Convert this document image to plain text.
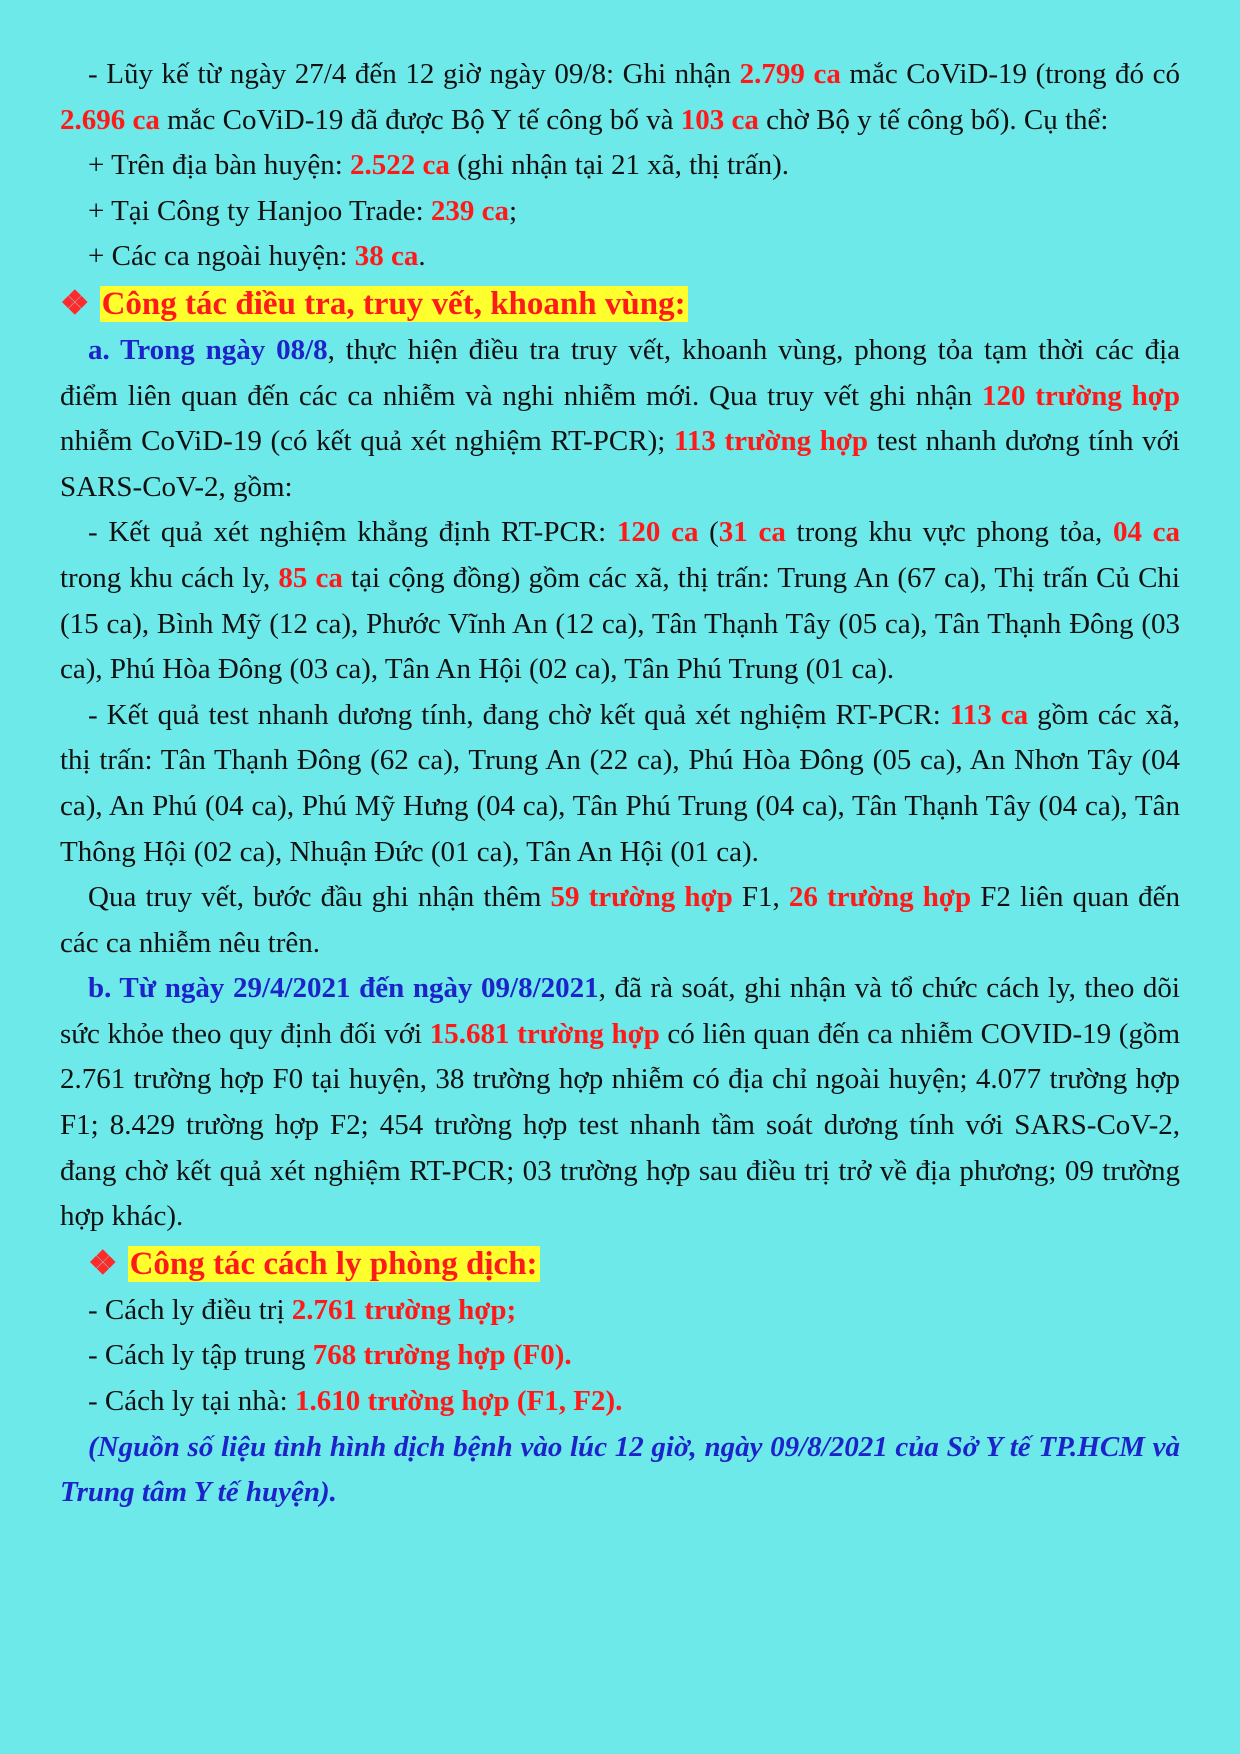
- Lũy kế từ ngày 27/4 đến 12 giờ ngày 09/8: Ghi nhận 2.799 ca mắc CoViD-19 (trong đó có 2.696 ca mắc CoViD-19 đã được Bộ Y tế công bố và 103 ca chờ Bộ y tế công bố). Cụ thể:

+ Trên địa bàn huyện: 2.522 ca (ghi nhận tại 21 xã, thị trấn).

+ Tại Công ty Hanjoo Trade: 239 ca;

+ Các ca ngoài huyện: 38 ca.

❖ Công tác điều tra, truy vết, khoanh vùng:

a. Trong ngày 08/8, thực hiện điều tra truy vết, khoanh vùng, phong tỏa tạm thời các địa điểm liên quan đến các ca nhiễm và nghi nhiễm mới. Qua truy vết ghi nhận 120 trường hợp nhiễm CoViD-19 (có kết quả xét nghiệm RT-PCR); 113 trường hợp test nhanh dương tính với SARS-CoV-2, gồm:

- Kết quả xét nghiệm khẳng định RT-PCR: 120 ca (31 ca trong khu vực phong tỏa, 04 ca trong khu cách ly, 85 ca tại cộng đồng) gồm các xã, thị trấn: Trung An (67 ca), Thị trấn Củ Chi (15 ca), Bình Mỹ (12 ca), Phước Vĩnh An (12 ca), Tân Thạnh Tây (05 ca), Tân Thạnh Đông (03 ca), Phú Hòa Đông (03 ca), Tân An Hội (02 ca), Tân Phú Trung (01 ca).

- Kết quả test nhanh dương tính, đang chờ kết quả xét nghiệm RT-PCR: 113 ca gồm các xã, thị trấn: Tân Thạnh Đông (62 ca), Trung An (22 ca), Phú Hòa Đông (05 ca), An Nhơn Tây (04 ca), An Phú (04 ca), Phú Mỹ Hưng (04 ca), Tân Phú Trung (04 ca), Tân Thạnh Tây (04 ca), Tân Thông Hội (02 ca), Nhuận Đức (01 ca), Tân An Hội (01 ca).

Qua truy vết, bước đầu ghi nhận thêm 59 trường hợp F1, 26 trường hợp F2 liên quan đến các ca nhiễm nêu trên.

b. Từ ngày 29/4/2021 đến ngày 09/8/2021, đã rà soát, ghi nhận và tổ chức cách ly, theo dõi sức khỏe theo quy định đối với 15.681 trường hợp có liên quan đến ca nhiễm COVID-19 (gồm 2.761 trường hợp F0 tại huyện, 38 trường hợp nhiễm có địa chỉ ngoài huyện; 4.077 trường hợp F1; 8.429 trường hợp F2; 454 trường hợp test nhanh tầm soát dương tính với SARS-CoV-2, đang chờ kết quả xét nghiệm RT-PCR; 03 trường hợp sau điều trị trở về địa phương; 09 trường hợp khác).

❖ Công tác cách ly phòng dịch:

- Cách ly điều trị 2.761 trường hợp;

- Cách ly tập trung 768 trường hợp (F0).

- Cách ly tại nhà: 1.610 trường hợp (F1, F2).

(Nguồn số liệu tình hình dịch bệnh vào lúc 12 giờ, ngày 09/8/2021 của Sở Y tế TP.HCM và Trung tâm Y tế huyện).
